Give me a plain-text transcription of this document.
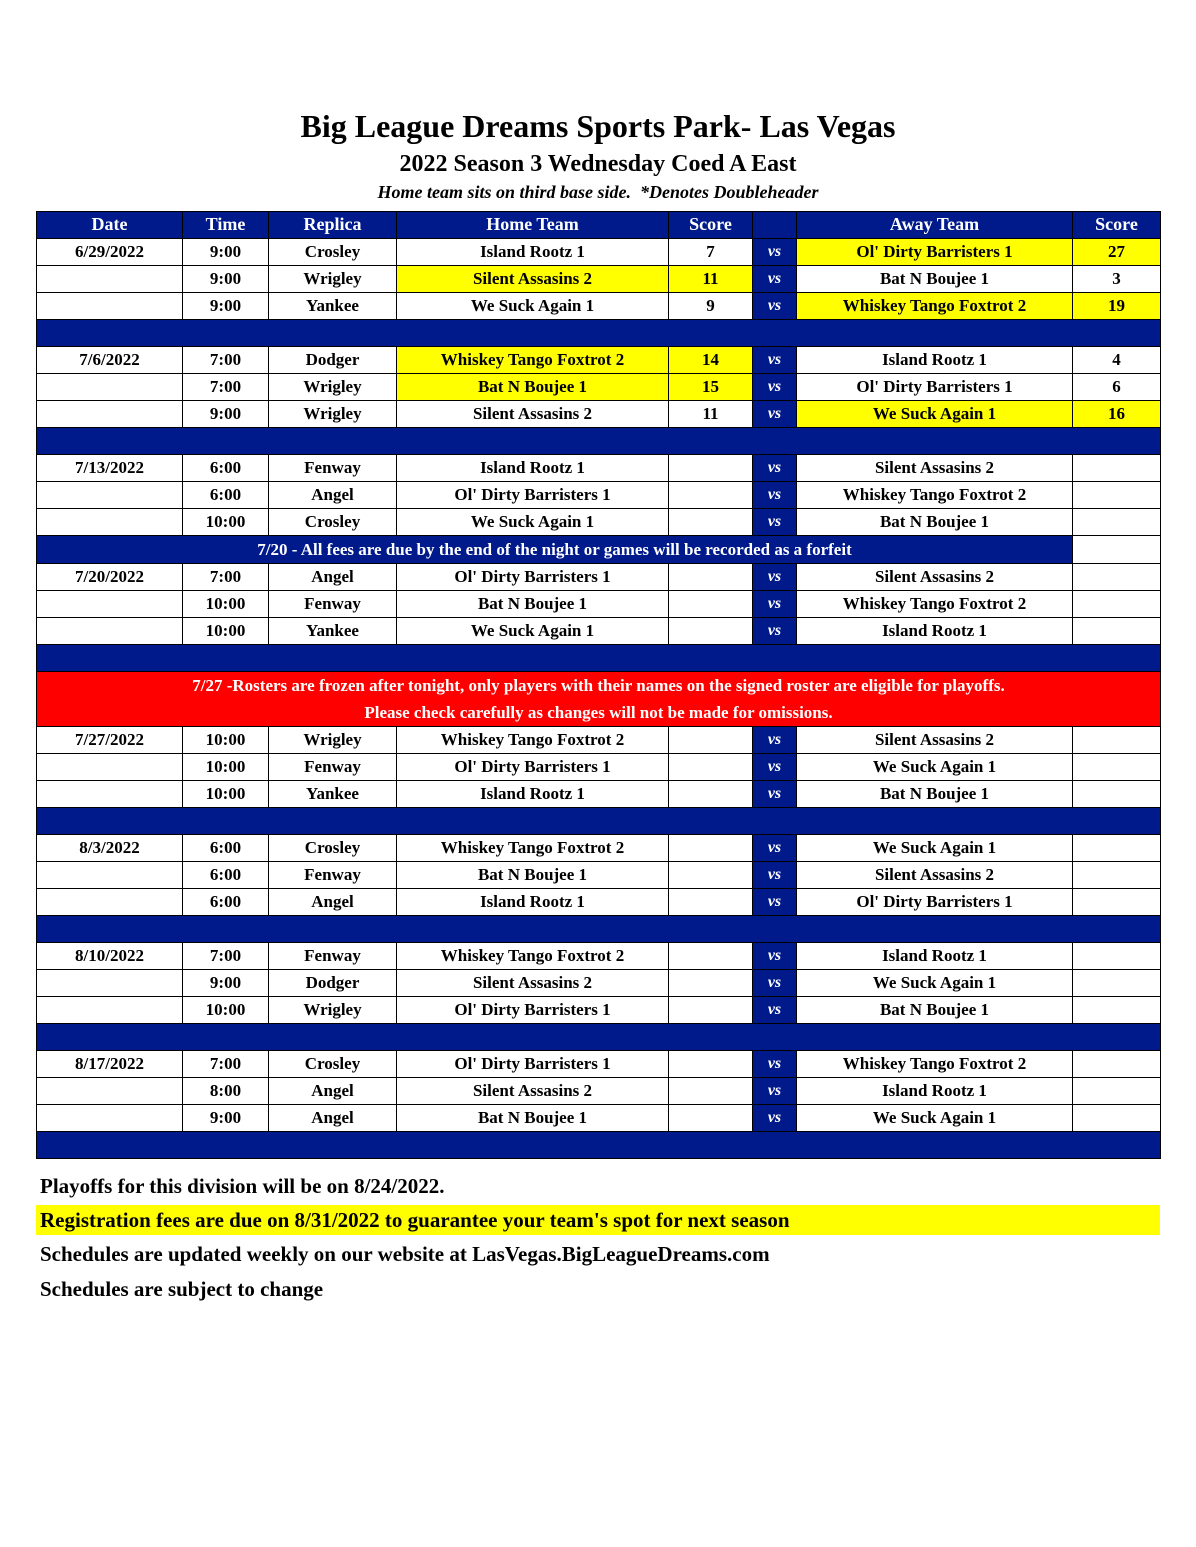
Big League Dreams Sports Park- Las Vegas
2022 Season 3 Wednesday Coed A East
Home team sits on third base side.  *Denotes Doubleheader
Date	Time	Replica	Home Team	Score		Away Team	Score
6/29/2022	9:00	Crosley	Island Rootz 1	7	vs	Ol' Dirty Barristers 1	27
	9:00	Wrigley	Silent Assasins 2	11	vs	Bat N Boujee 1	3
	9:00	Yankee	We Suck Again 1	9	vs	Whiskey Tango Foxtrot 2	19

7/6/2022	7:00	Dodger	Whiskey Tango Foxtrot 2	14	vs	Island Rootz 1	4
	7:00	Wrigley	Bat N Boujee 1	15	vs	Ol' Dirty Barristers 1	6
	9:00	Wrigley	Silent Assasins 2	11	vs	We Suck Again 1	16

7/13/2022	6:00	Fenway	Island Rootz 1		vs	Silent Assasins 2	
	6:00	Angel	Ol' Dirty Barristers 1		vs	Whiskey Tango Foxtrot 2	
	10:00	Crosley	We Suck Again 1		vs	Bat N Boujee 1	

7/20 - All fees are due by the end of the night or games will be recorded as a forfeit							

7/20/2022	7:00	Angel	Ol' Dirty Barristers 1		vs	Silent Assasins 2	
	10:00	Fenway	Bat N Boujee 1		vs	Whiskey Tango Foxtrot 2	
	10:00	Yankee	We Suck Again 1		vs	Island Rootz 1	

7/27 -Rosters are frozen after tonight, only players with their names on the signed roster are eligible for playoffs.
Please check carefully as changes will not be made for omissions.							

7/27/2022	10:00	Wrigley	Whiskey Tango Foxtrot 2		vs	Silent Assasins 2	
	10:00	Fenway	Ol' Dirty Barristers 1		vs	We Suck Again 1	
	10:00	Yankee	Island Rootz 1		vs	Bat N Boujee 1	

8/3/2022	6:00	Crosley	Whiskey Tango Foxtrot 2		vs	We Suck Again 1	
	6:00	Fenway	Bat N Boujee 1		vs	Silent Assasins 2	
	6:00	Angel	Island Rootz 1		vs	Ol' Dirty Barristers 1	

8/10/2022	7:00	Fenway	Whiskey Tango Foxtrot 2		vs	Island Rootz 1	
	9:00	Dodger	Silent Assasins 2		vs	We Suck Again 1	
	10:00	Wrigley	Ol' Dirty Barristers 1		vs	Bat N Boujee 1	

8/17/2022	7:00	Crosley	Ol' Dirty Barristers 1		vs	Whiskey Tango Foxtrot 2	
	8:00	Angel	Silent Assasins 2		vs	Island Rootz 1	
	9:00	Angel	Bat N Boujee 1		vs	We Suck Again 1	

Playoffs for this division will be on 8/24/2022.
Registration fees are due on 8/31/2022 to guarantee your team's spot for next season
Schedules are updated weekly on our website at LasVegas.BigLeagueDreams.com
Schedules are subject to change
